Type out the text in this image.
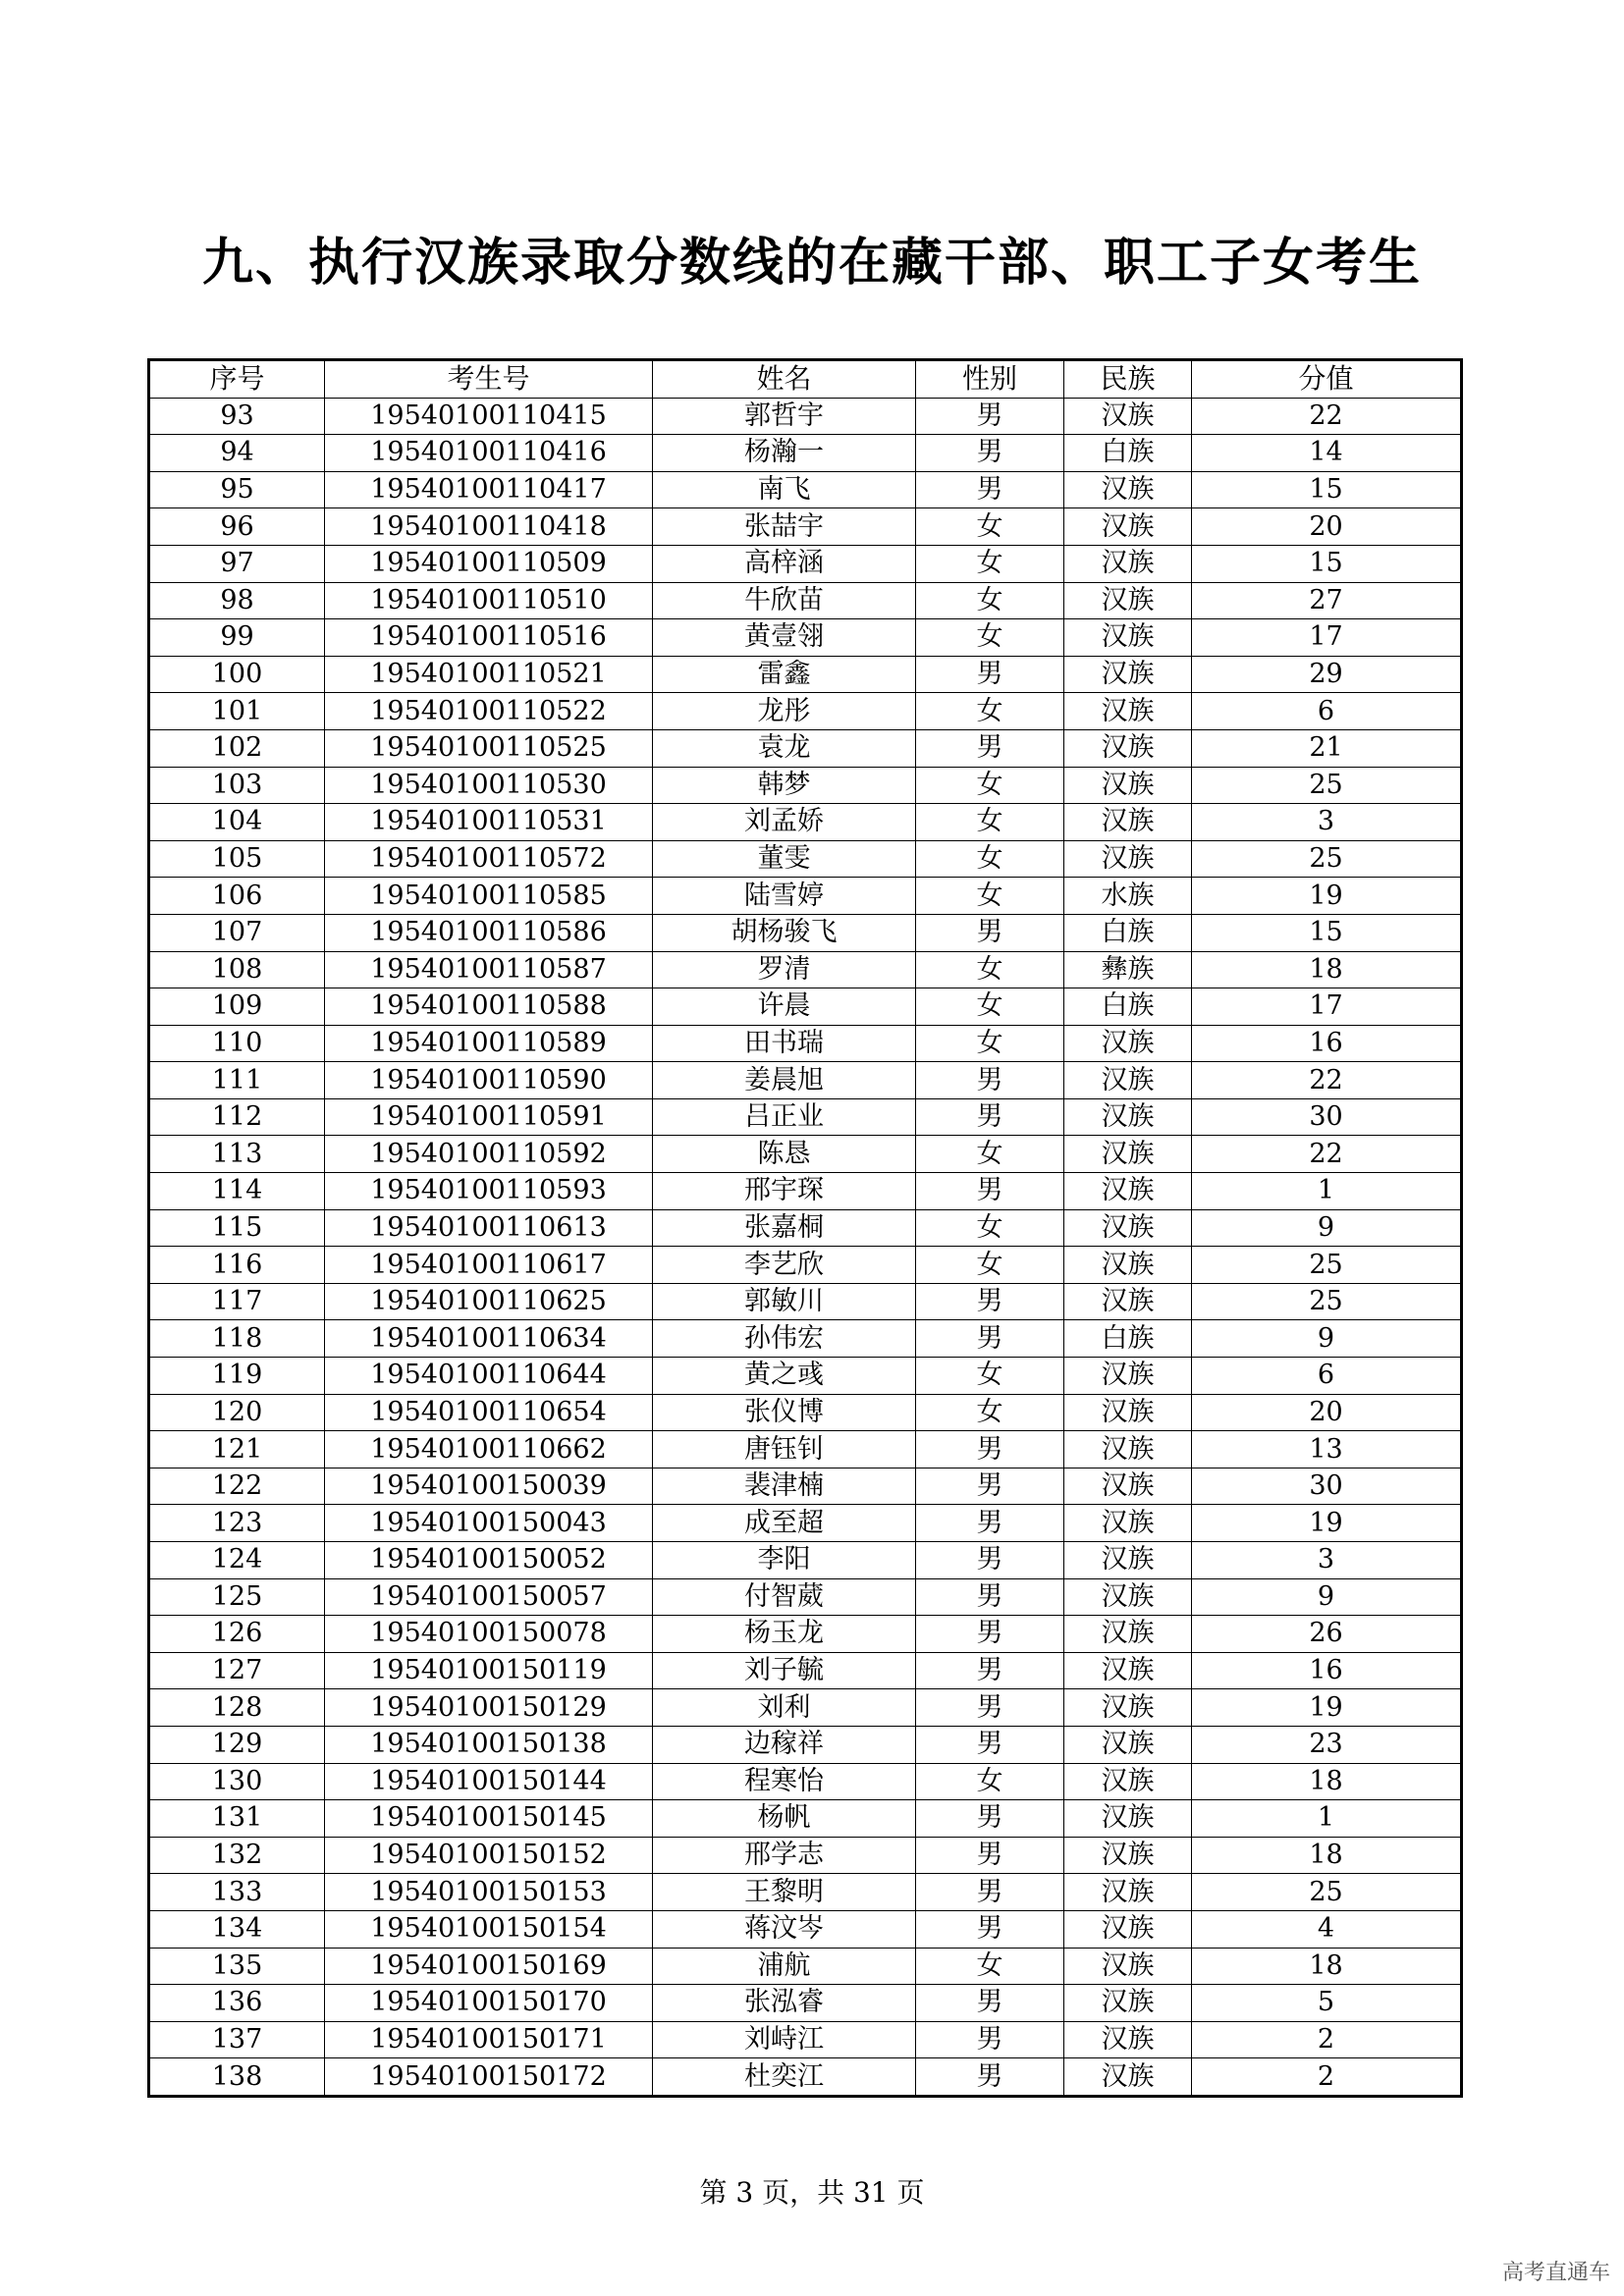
九、执行汉族录取分数线的在藏干部、职工子女考生
序号	考生号	姓名	性别	民族	分值
93	19540100110415	郭哲宇	男	汉族	22
94	19540100110416	杨瀚一	男	白族	14
95	19540100110417	南飞	男	汉族	15
96	19540100110418	张喆宇	女	汉族	20
97	19540100110509	高梓涵	女	汉族	15
98	19540100110510	牛欣苗	女	汉族	27
99	19540100110516	黄壹翎	女	汉族	17
100	19540100110521	雷鑫	男	汉族	29
101	19540100110522	龙彤	女	汉族	6
102	19540100110525	袁龙	男	汉族	21
103	19540100110530	韩梦	女	汉族	25
104	19540100110531	刘孟娇	女	汉族	3
105	19540100110572	董雯	女	汉族	25
106	19540100110585	陆雪婷	女	水族	19
107	19540100110586	胡杨骏飞	男	白族	15
108	19540100110587	罗清	女	彝族	18
109	19540100110588	许晨	女	白族	17
110	19540100110589	田书瑞	女	汉族	16
111	19540100110590	姜晨旭	男	汉族	22
112	19540100110591	吕正业	男	汉族	30
113	19540100110592	陈恳	女	汉族	22
114	19540100110593	邢宇琛	男	汉族	1
115	19540100110613	张嘉桐	女	汉族	9
116	19540100110617	李艺欣	女	汉族	25
117	19540100110625	郭敏川	男	汉族	25
118	19540100110634	孙伟宏	男	白族	9
119	19540100110644	黄之彧	女	汉族	6
120	19540100110654	张仪博	女	汉族	20
121	19540100110662	唐钰钊	男	汉族	13
122	19540100150039	裴津楠	男	汉族	30
123	19540100150043	成至超	男	汉族	19
124	19540100150052	李阳	男	汉族	3
125	19540100150057	付智葳	男	汉族	9
126	19540100150078	杨玉龙	男	汉族	26
127	19540100150119	刘子毓	男	汉族	16
128	19540100150129	刘利	男	汉族	19
129	19540100150138	边稼祥	男	汉族	23
130	19540100150144	程寒怡	女	汉族	18
131	19540100150145	杨帆	男	汉族	1
132	19540100150152	邢学志	男	汉族	18
133	19540100150153	王黎明	男	汉族	25
134	19540100150154	蒋汶岑	男	汉族	4
135	19540100150169	浦航	女	汉族	18
136	19540100150170	张泓睿	男	汉族	5
137	19540100150171	刘峙江	男	汉族	2
138	19540100150172	杜奕江	男	汉族	2
第 3 页，共 31 页
高考直通车
